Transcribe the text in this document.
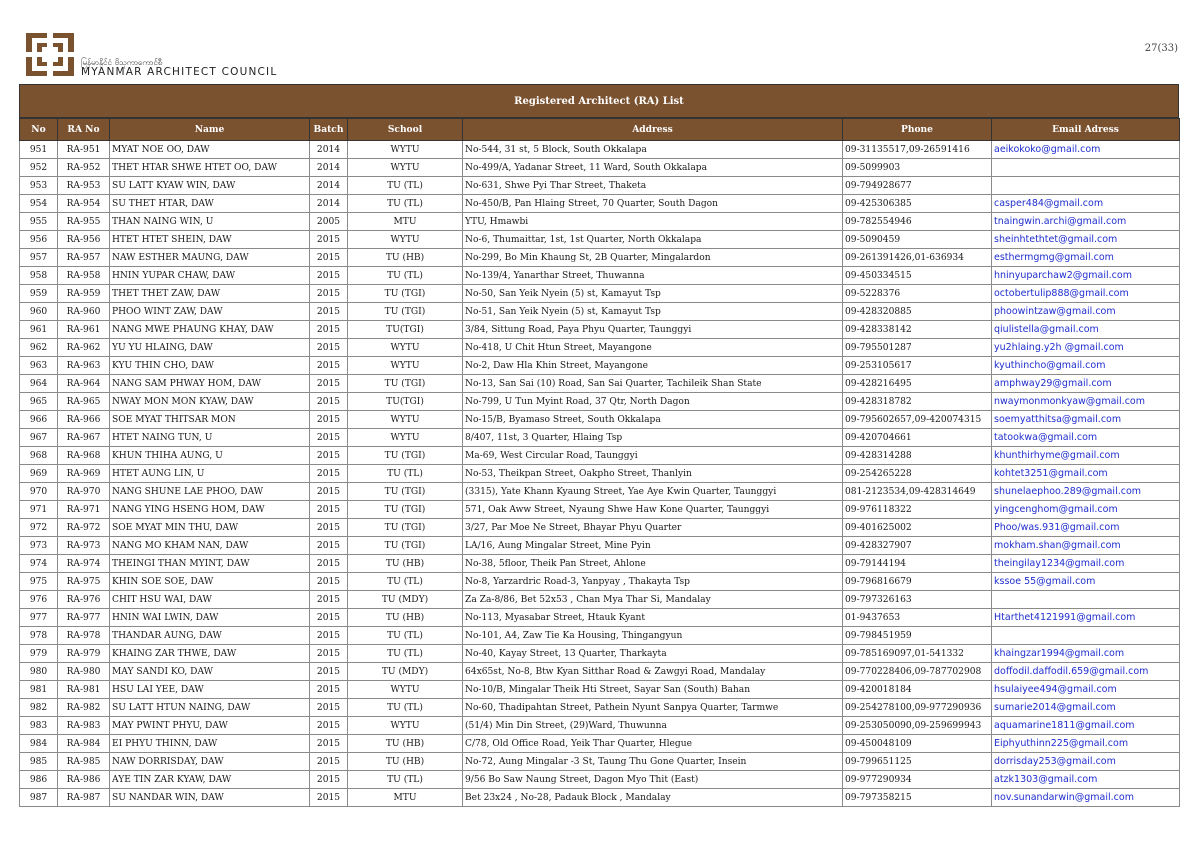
မြန်မာနိုင်ငံ ဗိသုကာကောင်စီ
MYANMAR ARCHITECT COUNCIL
27(33)
Registered Architect (RA) List
No	RA No	Name	Batch	School	Address	Phone	Email Adress
951	RA-951	MYAT NOE OO, DAW	2014	WYTU	No-544, 31 st, 5 Block, South Okkalapa	09-31135517,09-26591416	aeikokoko@gmail.com
952	RA-952	THET HTAR SHWE HTET OO, DAW	2014	WYTU	No-499/A, Yadanar Street, 11 Ward, South Okkalapa	09-5099903	
953	RA-953	SU LATT KYAW WIN, DAW	2014	TU (TL)	No-631, Shwe Pyi Thar Street, Thaketa	09-794928677	
954	RA-954	SU THET HTAR, DAW	2014	TU (TL)	No-450/B, Pan Hlaing Street, 70 Quarter, South Dagon	09-425306385	casper484@gmail.com
955	RA-955	THAN NAING WIN, U	2005	MTU	YTU, Hmawbi	09-782554946	tnaingwin.archi@gmail.com
956	RA-956	HTET HTET SHEIN, DAW	2015	WYTU	No-6, Thumaittar, 1st, 1st Quarter, North Okkalapa	09-5090459	sheinhtethtet@gmail.com
957	RA-957	NAW ESTHER MAUNG, DAW	2015	TU (HB)	No-299, Bo Min Khaung St, 2B Quarter, Mingalardon	09-261391426,01-636934	esthermgmg@gmail.com
958	RA-958	HNIN YUPAR CHAW, DAW	2015	TU (TL)	No-139/4, Yanarthar Street, Thuwanna	09-450334515	hninyuparchaw2@gmail.com
959	RA-959	THET THET ZAW, DAW	2015	TU (TGI)	No-50, San Yeik Nyein (5) st, Kamayut Tsp	09-5228376	octobertulip888@gmail.com
960	RA-960	PHOO WINT ZAW, DAW	2015	TU (TGI)	No-51, San Yeik Nyein (5) st, Kamayut Tsp	09-428320885	phoowintzaw@gmail.com
961	RA-961	NANG MWE PHAUNG KHAY, DAW	2015	TU(TGI)	3/84, Sittung Road, Paya Phyu Quarter, Taunggyi	09-428338142	qiulistella@gmail.com
962	RA-962	YU YU HLAING, DAW	2015	WYTU	No-418, U Chit Htun Street, Mayangone	09-795501287	yu2hlaing.y2h @gmail.com
963	RA-963	KYU THIN CHO, DAW	2015	WYTU	No-2, Daw Hla Khin Street, Mayangone	09-253105617	kyuthincho@gmail.com
964	RA-964	NANG SAM PHWAY HOM, DAW	2015	TU (TGI)	No-13, San Sai (10) Road, San Sai Quarter, Tachileik Shan State	09-428216495	amphway29@gmail.com
965	RA-965	NWAY MON MON KYAW, DAW	2015	TU(TGI)	No-799, U Tun Myint Road, 37 Qtr, North Dagon	09-428318782	nwaymonmonkyaw@gmail.com
966	RA-966	SOE MYAT THITSAR MON	2015	WYTU	No-15/B, Byamaso Street, South Okkalapa	09-795602657,09-420074315	soemyatthitsa@gmail.com
967	RA-967	HTET NAING TUN, U	2015	WYTU	8/407, 11st, 3 Quarter, Hlaing Tsp	09-420704661	tatookwa@gmail.com
968	RA-968	KHUN THIHA AUNG, U	2015	TU (TGI)	Ma-69, West Circular Road, Taunggyi	09-428314288	khunthirhyme@gmail.com
969	RA-969	HTET AUNG LIN, U	2015	TU (TL)	No-53, Theikpan Street, Oakpho Street, Thanlyin	09-254265228	kohtet3251@gmail.com
970	RA-970	NANG SHUNE LAE PHOO, DAW	2015	TU (TGI)	(3315), Yate Khann Kyaung Street, Yae Aye Kwin Quarter, Taunggyi	081-2123534,09-428314649	shunelaephoo.289@gmail.com
971	RA-971	NANG YING HSENG HOM, DAW	2015	TU (TGI)	571, Oak Aww Street, Nyaung Shwe Haw Kone Quarter, Taunggyi	09-976118322	yingcenghom@gmail.com
972	RA-972	SOE MYAT MIN THU, DAW	2015	TU (TGI)	3/27, Par Moe Ne Street, Bhayar Phyu Quarter	09-401625002	Phoo/was.931@gmail.com
973	RA-973	NANG MO KHAM NAN, DAW	2015	TU (TGI)	LA/16, Aung Mingalar Street, Mine Pyin	09-428327907	mokham.shan@gmail.com
974	RA-974	THEINGI THAN MYINT, DAW	2015	TU (HB)	No-38, 5floor, Theik Pan Street, Ahlone	09-79144194	theingilay1234@gmail.com
975	RA-975	KHIN SOE SOE, DAW	2015	TU (TL)	No-8, Yarzardric Road-3, Yanpyay , Thakayta Tsp	09-796816679	kssoe 55@gmail.com
976	RA-976	CHIT HSU WAI, DAW	2015	TU (MDY)	Za Za-8/86, Bet 52x53 , Chan Mya Thar Si, Mandalay	09-797326163	
977	RA-977	HNIN WAI LWIN, DAW	2015	TU (HB)	No-113, Myasabar Street, Htauk Kyant	01-9437653	Htarthet4121991@gmail.com
978	RA-978	THANDAR AUNG, DAW	2015	TU (TL)	No-101, A4, Zaw Tie Ka Housing, Thingangyun	09-798451959	
979	RA-979	KHAING ZAR THWE, DAW	2015	TU (TL)	No-40, Kayay Street, 13 Quarter, Tharkayta	09-785169097,01-541332	khaingzar1994@gmail.com
980	RA-980	MAY SANDI KO, DAW	2015	TU (MDY)	64x65st, No-8, Btw Kyan Sitthar Road & Zawgyi Road, Mandalay	09-770228406,09-787702908	doffodil.daffodil.659@gmail.com
981	RA-981	HSU LAI YEE, DAW	2015	WYTU	No-10/B, Mingalar Theik Hti Street, Sayar San (South) Bahan	09-420018184	hsulaiyee494@gmail.com
982	RA-982	SU LATT HTUN NAING, DAW	2015	TU (TL)	No-60, Thadipahtan Street, Pathein Nyunt Sanpya Quarter, Tarmwe	09-254278100,09-977290936	sumarie2014@gmail.com
983	RA-983	MAY PWINT PHYU, DAW	2015	WYTU	(51/4) Min Din Street, (29)Ward, Thuwunna	09-253050090,09-259699943	aquamarine1811@gmail.com
984	RA-984	EI PHYU THINN, DAW	2015	TU (HB)	C/78, Old Office Road, Yeik Thar Quarter, Hlegue	09-450048109	Eiphyuthinn225@gmail.com
985	RA-985	NAW DORRISDAY, DAW	2015	TU (HB)	No-72, Aung Mingalar -3 St, Taung Thu Gone Quarter, Insein	09-799651125	dorrisday253@gmail.com
986	RA-986	AYE TIN ZAR KYAW, DAW	2015	TU (TL)	9/56 Bo Saw Naung Street, Dagon Myo Thit (East)	09-977290934	atzk1303@gmail.com
987	RA-987	SU NANDAR WIN, DAW	2015	MTU	Bet 23x24 , No-28, Padauk Block , Mandalay	09-797358215	nov.sunandarwin@gmail.com
